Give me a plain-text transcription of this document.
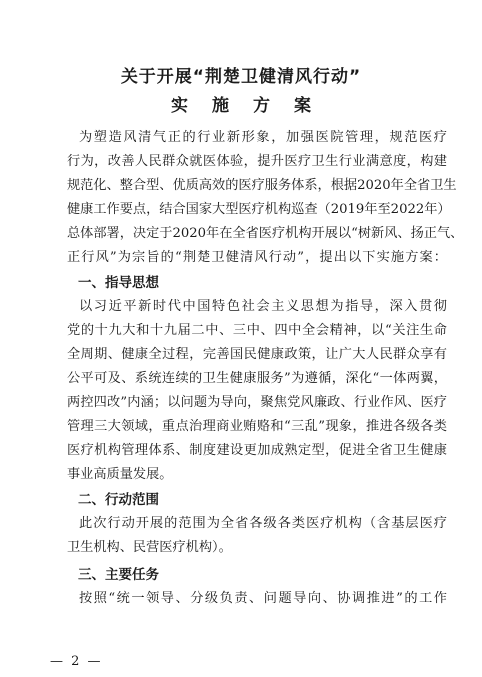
关于开展“荆楚卫健清风行动”
实施方案
为塑造风清气正的行业新形象，加强医院管理，规范医疗
行为，改善人民群众就医体验，提升医疗卫生行业满意度，构建
规范化、整合型、优质高效的医疗服务体系，根据2020年全省卫生
健康工作要点，结合国家大型医疗机构巡查（2019年至2022年）
总体部署，决定于2020年在全省医疗机构开展以“树新风、扬正气、
正行风”为宗旨的“荆楚卫健清风行动”，提出以下实施方案：
一、指导思想
以习近平新时代中国特色社会主义思想为指导，深入贯彻
党的十九大和十九届二中、三中、四中全会精神，以“关注生命
全周期、健康全过程，完善国民健康政策，让广大人民群众享有
公平可及、系统连续的卫生健康服务”为遵循，深化“一体两翼，
两控四改”内涵；以问题为导向，聚焦党风廉政、行业作风、医疗
管理三大领域，重点治理商业贿赂和“三乱”现象，推进各级各类
医疗机构管理体系、制度建设更加成熟定型，促进全省卫生健康
事业高质量发展。
二、行动范围
此次行动开展的范围为全省各级各类医疗机构（含基层医疗
卫生机构、民营医疗机构）。
三、主要任务
按照“统一领导、分级负责、问题导向、协调推进”的工作
— 2 —
